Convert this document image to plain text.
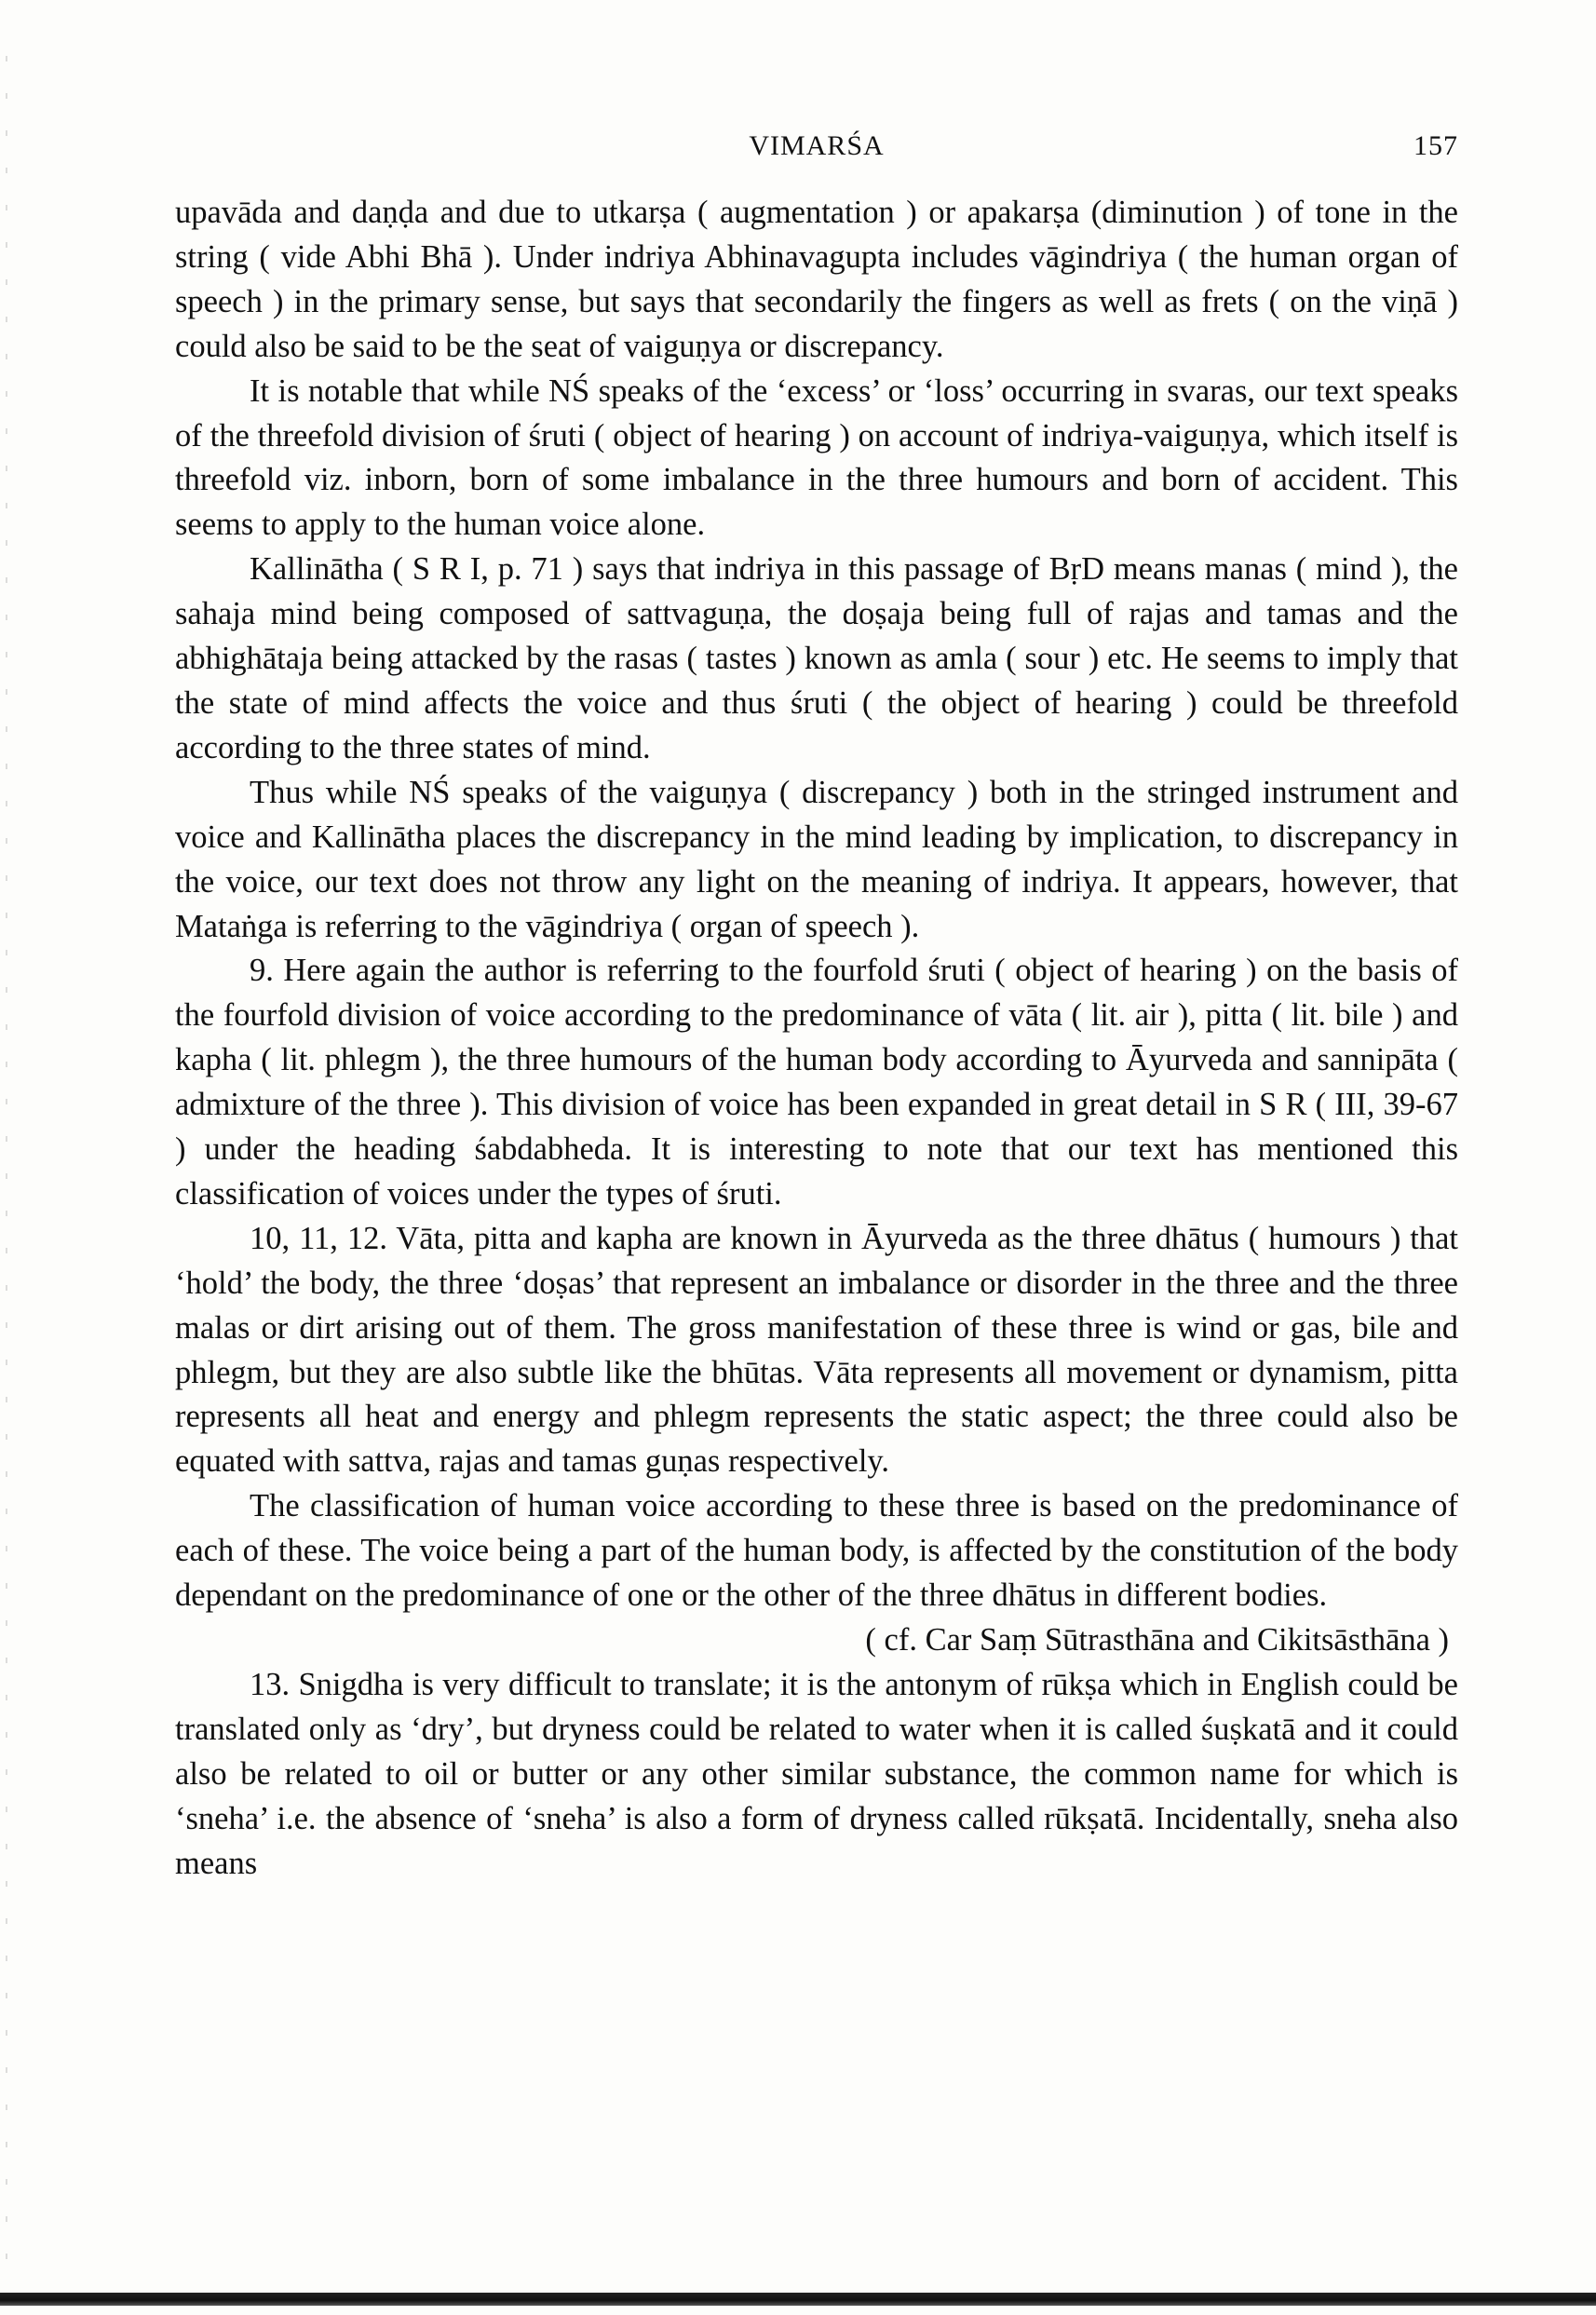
VIMARŚA	157

upavāda and daṇḍa and due to utkarṣa ( augmentation ) or apakarṣa (diminution ) of tone in the string ( vide Abhi Bhā ). Under indriya Abhinavagupta includes vāgindriya ( the human organ of speech ) in the primary sense, but says that secondarily the fingers as well as frets ( on the viṇā ) could also be said to be the seat of vaiguṇya or discrepancy.

It is notable that while NŚ speaks of the ‘excess’ or ‘loss’ occurring in svaras, our text speaks of the threefold division of śruti ( object of hearing ) on account of indriya-vaiguṇya, which itself is threefold viz. inborn, born of some imbalance in the three humours and born of accident. This seems to apply to the human voice alone.

Kallinātha ( S R I, p. 71 ) says that indriya in this passage of BṛD means manas ( mind ), the sahaja mind being composed of sattvaguṇa, the doṣaja being full of rajas and tamas and the abhighātaja being attacked by the rasas ( tastes ) known as amla ( sour ) etc. He seems to imply that the state of mind affects the voice and thus śruti ( the object of hearing ) could be threefold according to the three states of mind.

Thus while NŚ speaks of the vaiguṇya ( discrepancy ) both in the stringed instrument and voice and Kallinātha places the discrepancy in the mind leading by implication, to discrepancy in the voice, our text does not throw any light on the meaning of indriya. It appears, however, that Mataṅga is referring to the vāgindriya ( organ of speech ).

9. Here again the author is referring to the fourfold śruti ( object of hearing ) on the basis of the fourfold division of voice according to the predominance of vāta ( lit. air ), pitta ( lit. bile ) and kapha ( lit. phlegm ), the three humours of the human body according to Āyurveda and sannipāta ( admixture of the three ). This division of voice has been expanded in great detail in S R ( III, 39-67 ) under the heading śabdabheda. It is interesting to note that our text has mentioned this classification of voices under the types of śruti.

10, 11, 12. Vāta, pitta and kapha are known in Āyurveda as the three dhātus ( humours ) that ‘hold’ the body, the three ‘doṣas’ that represent an imbalance or disorder in the three and the three malas or dirt arising out of them. The gross manifestation of these three is wind or gas, bile and phlegm, but they are also subtle like the bhūtas. Vāta represents all movement or dynamism, pitta represents all heat and energy and phlegm represents the static aspect; the three could also be equated with sattva, rajas and tamas guṇas respectively.

The classification of human voice according to these three is based on the predominance of each of these. The voice being a part of the human body, is affected by the constitution of the body dependant on the predominance of one or the other of the three dhātus in different bodies.

( cf. Car Saṃ Sūtrasthāna and Cikitsāsthāna )

13. Snigdha is very difficult to translate; it is the antonym of rūkṣa which in English could be translated only as ‘dry’, but dryness could be related to water when it is called śuṣkatā and it could also be related to oil or butter or any other similar substance, the common name for which is ‘sneha’ i.e. the absence of ‘sneha’ is also a form of dryness called rūkṣatā. Incidentally, sneha also means
